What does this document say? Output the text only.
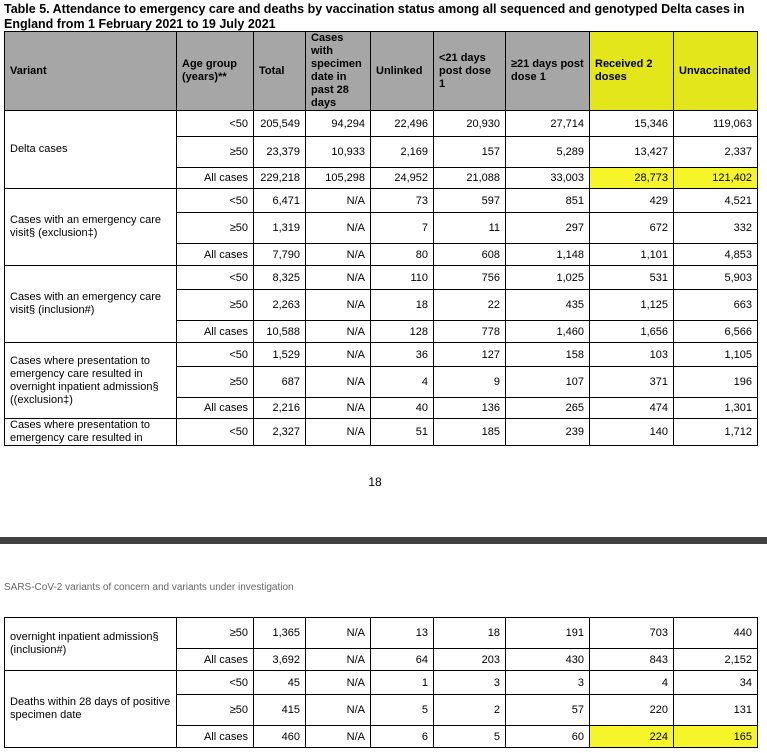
Table 5. Attendance to emergency care and deaths by vaccination status among all sequenced and genotyped Delta cases in England from 1 February 2021 to 19 July 2021
Variant	Age group (years)**	Total	Cases with specimen date in past 28 days	Unlinked	<21 days post dose 1	≥21 days post dose 1	Received 2 doses	Unvaccinated
Delta cases	<50	205,549	94,294	22,496	20,930	27,714	15,346	119,063
	≥50	23,379	10,933	2,169	157	5,289	13,427	2,337
	All cases	229,218	105,298	24,952	21,088	33,003	28,773	121,402
Cases with an emergency care visit§ (exclusion‡)	<50	6,471	N/A	73	597	851	429	4,521
	≥50	1,319	N/A	7	11	297	672	332
	All cases	7,790	N/A	80	608	1,148	1,101	4,853
Cases with an emergency care visit§ (inclusion#)	<50	8,325	N/A	110	756	1,025	531	5,903
	≥50	2,263	N/A	18	22	435	1,125	663
	All cases	10,588	N/A	128	778	1,460	1,656	6,566
Cases where presentation to emergency care resulted in overnight inpatient admission§ ((exclusion‡)	<50	1,529	N/A	36	127	158	103	1,105
	≥50	687	N/A	4	9	107	371	196
	All cases	2,216	N/A	40	136	265	474	1,301
Cases where presentation to emergency care resulted in	<50	2,327	N/A	51	185	239	140	1,712
18
SARS-CoV-2 variants of concern and variants under investigation
overnight inpatient admission§ (inclusion#)	≥50	1,365	N/A	13	18	191	703	440
	All cases	3,692	N/A	64	203	430	843	2,152
Deaths within 28 days of positive specimen date	<50	45	N/A	1	3	3	4	34
	≥50	415	N/A	5	2	57	220	131
	All cases	460	N/A	6	5	60	224	165
